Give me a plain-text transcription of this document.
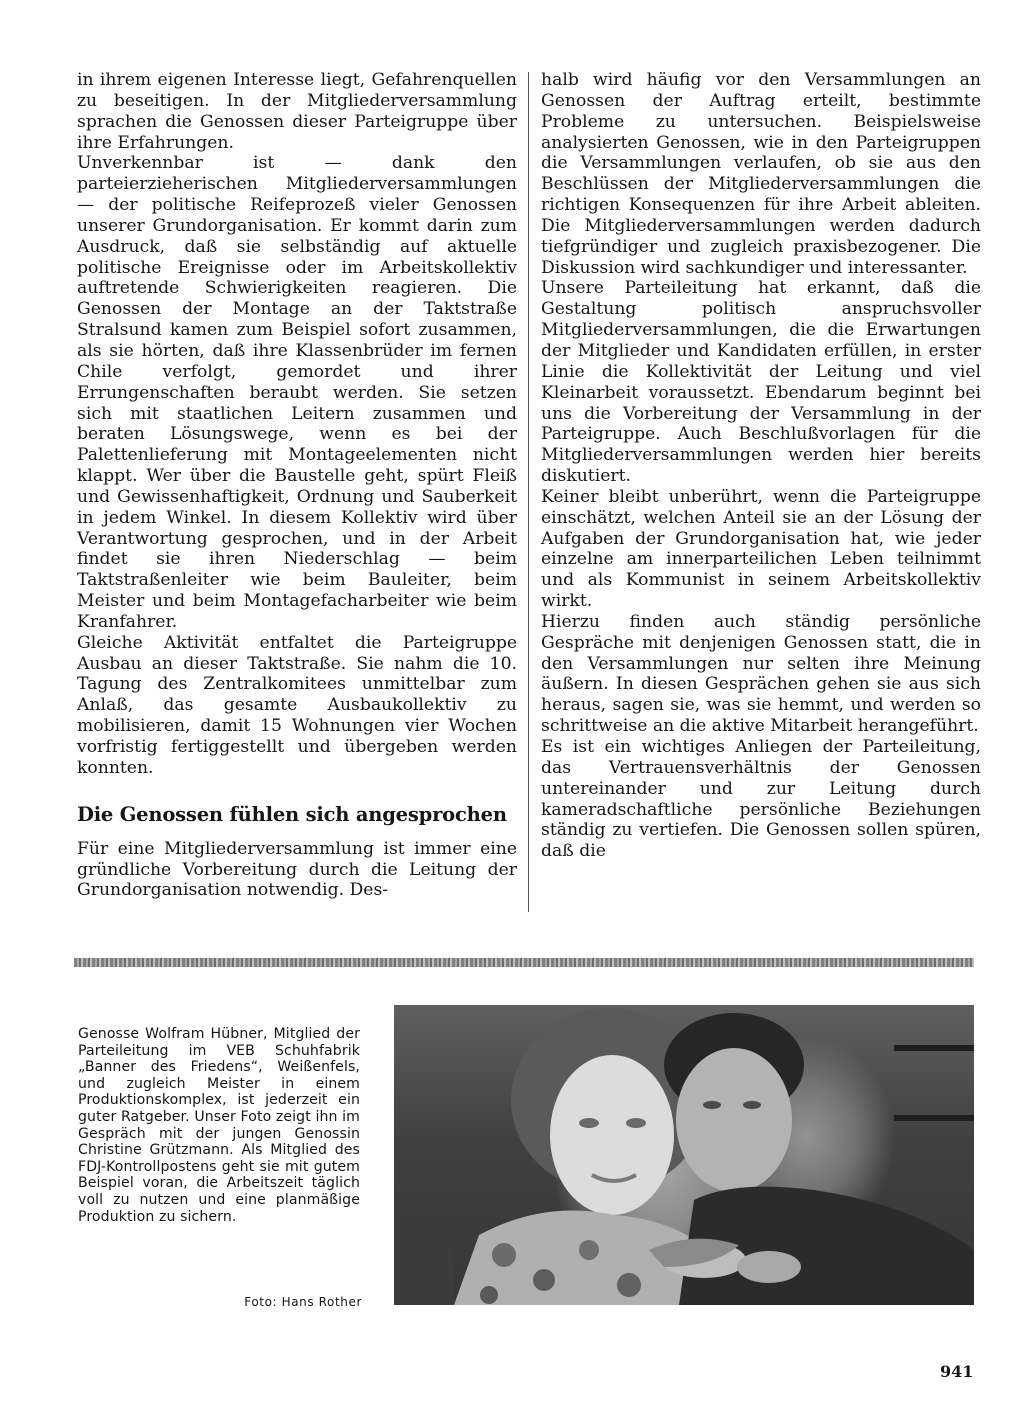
in ihrem eigenen Interesse liegt, Gefahrenquellen zu beseitigen. In der Mitgliederversammlung sprachen die Genossen dieser Parteigruppe über ihre Erfahrungen.

Unverkennbar ist — dank den parteierzieherischen Mitgliederversammlungen — der politische Reifeprozeß vieler Genossen unserer Grundorganisation. Er kommt darin zum Ausdruck, daß sie selbständig auf aktuelle politische Ereignisse oder im Arbeitskollektiv auftretende Schwierigkeiten reagieren. Die Genossen der Montage an der Taktstraße Stralsund kamen zum Beispiel sofort zusammen, als sie hörten, daß ihre Klassenbrüder im fernen Chile verfolgt, gemordet und ihrer Errungenschaften beraubt werden. Sie setzen sich mit staatlichen Leitern zusammen und beraten Lösungswege, wenn es bei der Palettenlieferung mit Montageelementen nicht klappt. Wer über die Baustelle geht, spürt Fleiß und Gewissenhaftigkeit, Ordnung und Sauberkeit in jedem Winkel. In diesem Kollektiv wird über Verantwortung gesprochen, und in der Arbeit findet sie ihren Niederschlag — beim Taktstraßenleiter wie beim Bauleiter, beim Meister und beim Montagefacharbeiter wie beim Kranfahrer.

Gleiche Aktivität entfaltet die Parteigruppe Ausbau an dieser Taktstraße. Sie nahm die 10. Tagung des Zentralkomitees unmittelbar zum Anlaß, das gesamte Ausbaukollektiv zu mobilisieren, damit 15 Wohnungen vier Wochen vorfristig fertiggestellt und übergeben werden konnten.

Die Genossen fühlen sich angesprochen

Für eine Mitgliederversammlung ist immer eine gründliche Vorbereitung durch die Leitung der Grundorganisation notwendig. Des-

halb wird häufig vor den Versammlungen an Genossen der Auftrag erteilt, bestimmte Probleme zu untersuchen. Beispielsweise analysierten Genossen, wie in den Parteigruppen die Versammlungen verlaufen, ob sie aus den Beschlüssen der Mitgliederversammlungen die richtigen Konsequenzen für ihre Arbeit ableiten. Die Mitgliederversammlungen werden dadurch tiefgründiger und zugleich praxisbezogener. Die Diskussion wird sachkundiger und interessanter.

Unsere Parteileitung hat erkannt, daß die Gestaltung politisch anspruchsvoller Mitgliederversammlungen, die die Erwartungen der Mitglieder und Kandidaten erfüllen, in erster Linie die Kollektivität der Leitung und viel Kleinarbeit voraussetzt. Ebendarum beginnt bei uns die Vorbereitung der Versammlung in der Parteigruppe. Auch Beschlußvorlagen für die Mitgliederversammlungen werden hier bereits diskutiert.

Keiner bleibt unberührt, wenn die Parteigruppe einschätzt, welchen Anteil sie an der Lösung der Aufgaben der Grundorganisation hat, wie jeder einzelne am innerparteilichen Leben teilnimmt und als Kommunist in seinem Arbeitskollektiv wirkt.

Hierzu finden auch ständig persönliche Gespräche mit denjenigen Genossen statt, die in den Versammlungen nur selten ihre Meinung äußern. In diesen Gesprächen gehen sie aus sich heraus, sagen sie, was sie hemmt, und werden so schrittweise an die aktive Mitarbeit herangeführt.

Es ist ein wichtiges Anliegen der Parteileitung, das Vertrauensverhältnis der Genossen untereinander und zur Leitung durch kameradschaftliche persönliche Beziehungen ständig zu vertiefen. Die Genossen sollen spüren, daß die

Genosse Wolfram Hübner, Mitglied der Parteileitung im VEB Schuhfabrik „Banner des Friedens“, Weißenfels, und zugleich Meister in einem Produktionskomplex, ist jederzeit ein guter Ratgeber. Unser Foto zeigt ihn im Gespräch mit der jungen Genossin Christine Grützmann. Als Mitglied des FDJ-Kontrollpostens geht sie mit gutem Beispiel voran, die Arbeitszeit täglich voll zu nutzen und eine planmäßige Produktion zu sichern.
Foto: Hans Rother
941
